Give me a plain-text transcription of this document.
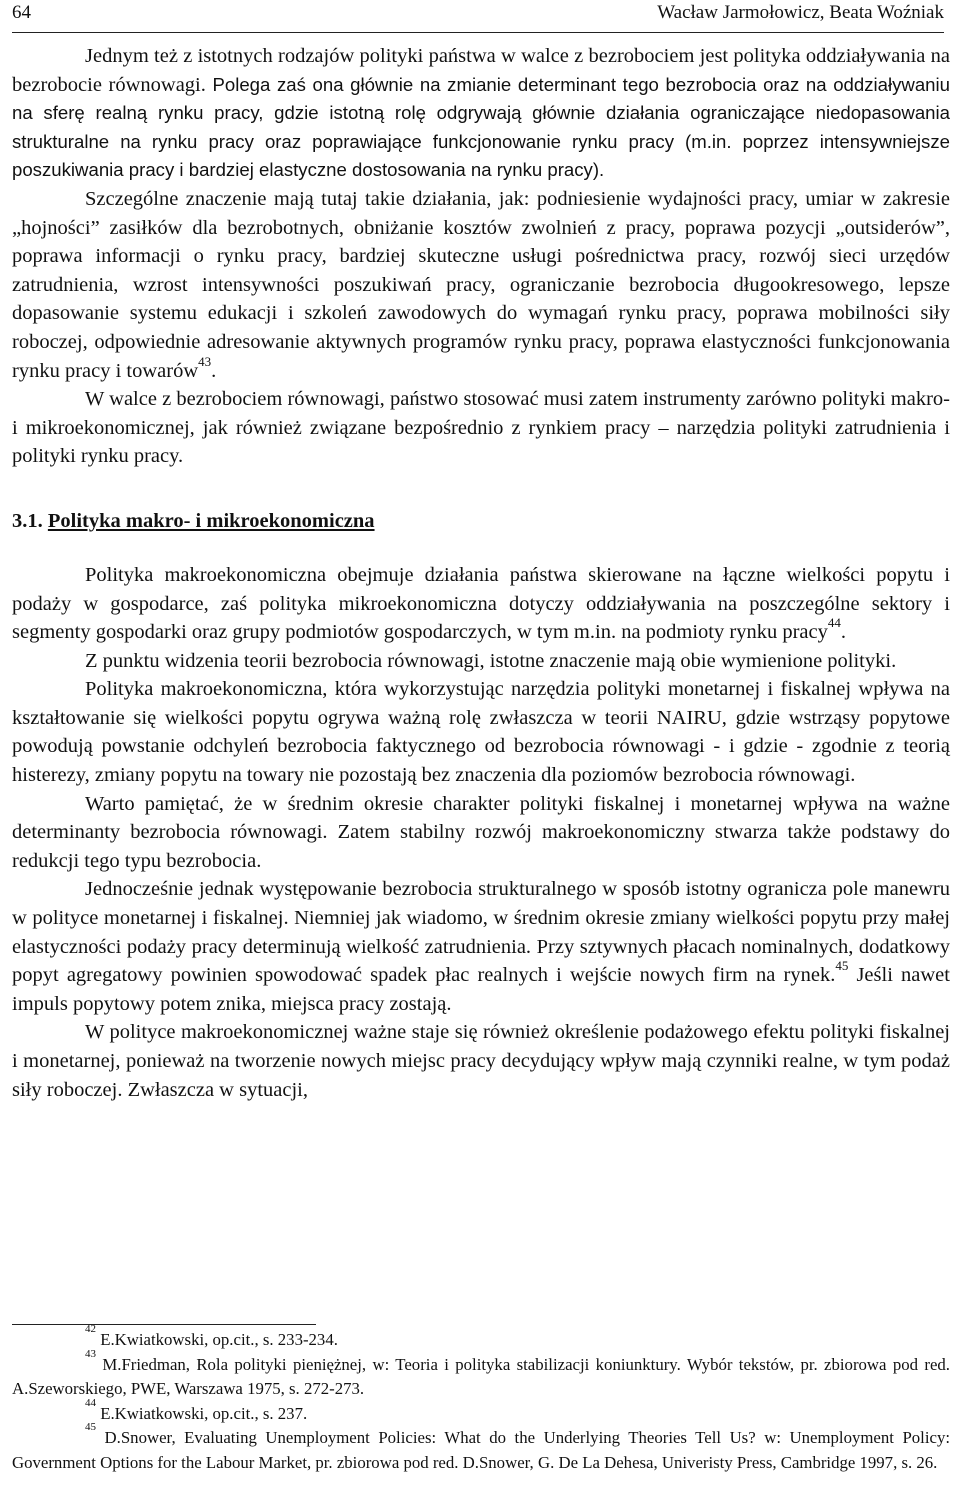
64	Wacław Jarmołowicz, Beata Woźniak

Jednym też z istotnych rodzajów polityki państwa w walce z bezrobociem jest polityka oddziaływania na bezrobocie równowagi. Polega zaś ona głównie na zmianie determinant tego bezrobocia oraz na oddziaływaniu na sferę realną rynku pracy, gdzie istotną rolę odgrywają głównie działania ograniczające niedopasowania strukturalne na rynku pracy oraz poprawiające funkcjonowanie rynku pracy (m.in. poprzez intensywniejsze poszukiwania pracy i bardziej elastyczne dostosowania na rynku pracy).

Szczególne znaczenie mają tutaj takie działania, jak: podniesienie wydajności pracy, umiar w zakresie „hojności” zasiłków dla bezrobotnych, obniżanie kosztów zwolnień z pracy, poprawa pozycji „outsiderów”, poprawa informacji o rynku pracy, bardziej skuteczne usługi pośrednictwa pracy, rozwój sieci urzędów zatrudnienia, wzrost intensywności poszukiwań pracy, ograniczanie bezrobocia długookresowego, lepsze dopasowanie systemu edukacji i szkoleń zawodowych do wymagań rynku pracy, poprawa mobilności siły roboczej, odpowiednie adresowanie aktywnych programów rynku pracy, poprawa elastyczności funkcjonowania rynku pracy i towarów$^{43}$.

W walce z bezrobociem równowagi, państwo stosować musi zatem instrumenty zarówno polityki makro- i mikroekonomicznej, jak również związane bezpośrednio z rynkiem pracy – narzędzia polityki zatrudnienia i polityki rynku pracy.

3.1. Polityka makro- i mikroekonomiczna

Polityka makroekonomiczna obejmuje działania państwa skierowane na łączne wielkości popytu i podaży w gospodarce, zaś polityka mikroekonomiczna dotyczy oddziaływania na poszczególne sektory i segmenty gospodarki oraz grupy podmiotów gospodarczych, w tym m.in. na podmioty rynku pracy$^{44}$.

Z punktu widzenia teorii bezrobocia równowagi, istotne znaczenie mają obie wymienione polityki.

Polityka makroekonomiczna, która wykorzystując narzędzia polityki monetarnej i fiskalnej wpływa na kształtowanie się wielkości popytu ogrywa ważną rolę zwłaszcza w teorii NAIRU, gdzie wstrząsy popytowe powodują powstanie odchyleń bezrobocia faktycznego od bezrobocia równowagi - i gdzie - zgodnie z teorią histerezy, zmiany popytu na towary nie pozostają bez znaczenia dla poziomów bezrobocia równowagi.

Warto pamiętać, że w średnim okresie charakter polityki fiskalnej i monetarnej wpływa na ważne determinanty bezrobocia równowagi. Zatem stabilny rozwój makroekonomiczny stwarza także podstawy do redukcji tego typu bezrobocia.

Jednocześnie jednak występowanie bezrobocia strukturalnego w sposób istotny ogranicza pole manewru w polityce monetarnej i fiskalnej. Niemniej jak wiadomo, w średnim okresie zmiany wielkości popytu przy małej elastyczności podaży pracy determinują wielkość zatrudnienia. Przy sztywnych płacach nominalnych, dodatkowy popyt agregatowy powinien spowodować spadek płac realnych i wejście nowych firm na rynek.$^{45}$ Jeśli nawet impuls popytowy potem znika, miejsca pracy zostają.

W polityce makroekonomicznej ważne staje się również określenie podażowego efektu polityki fiskalnej i monetarnej, ponieważ na tworzenie nowych miejsc pracy decydujący wpływ mają czynniki realne, w tym podaż siły roboczej. Zwłaszcza w sytuacji,

$^{42}$ E.Kwiatkowski, op.cit., s. 233-234.

$^{43}$ M.Friedman, Rola polityki pieniężnej, w: Teoria i polityka stabilizacji koniunktury. Wybór tekstów, pr. zbiorowa pod red. A.Szeworskiego, PWE, Warszawa 1975, s. 272-273.

$^{44}$ E.Kwiatkowski, op.cit., s. 237.

$^{45}$ D.Snower, Evaluating Unemployment Policies: What do the Underlying Theories Tell Us? w: Unemployment Policy: Government Options for the Labour Market, pr. zbiorowa pod red. D.Snower, G. De La Dehesa, Univeristy Press, Cambridge 1997, s. 26.
